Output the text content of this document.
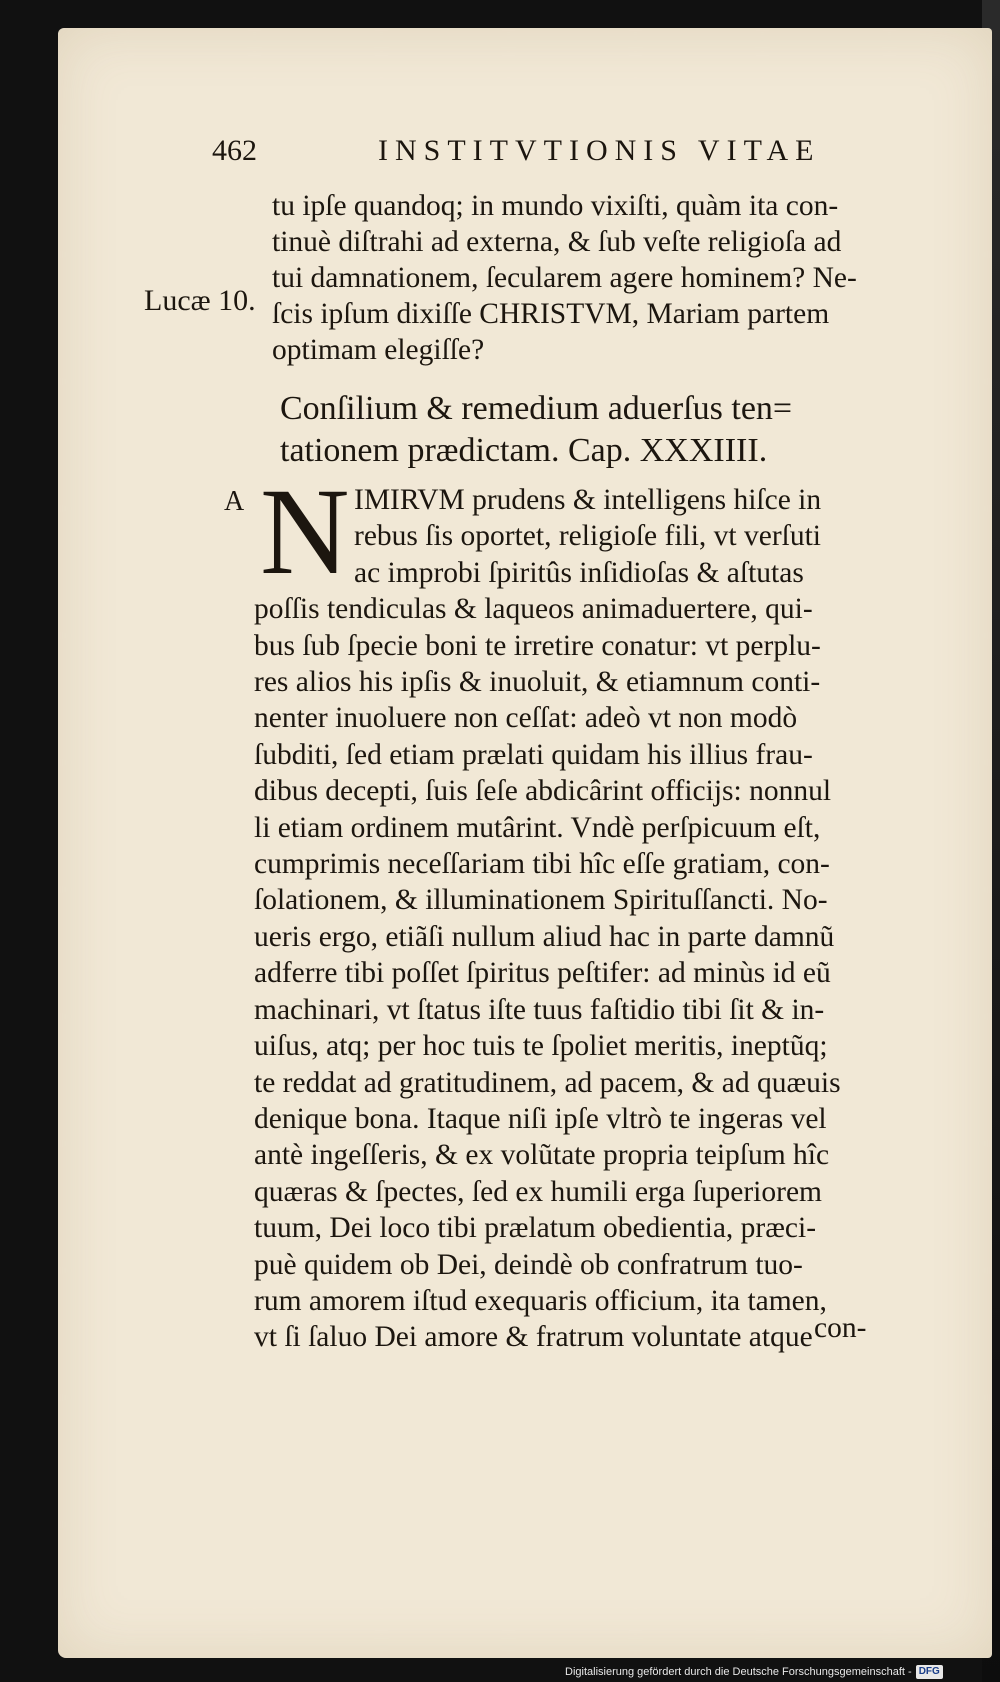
462	INSTITVTIONIS VITAE
Lucæ 10.
tu ipſe quandoq; in mundo vixiſti, quàm ita con-
tinuè diſtrahi ad externa, & ſub veſte religioſa ad
tui damnationem, ſecularem agere hominem? Ne-
ſcis ipſum dixiſſe CHRISTVM, Mariam partem
optimam elegiſſe?
Conſilium & remedium aduerſus ten=
tationem prædictam. Cap. XXXIIII.
A N IMIRVM prudens & intelligens hiſce in
rebus ſis oportet, religioſe fili, vt verſuti
ac improbi ſpiritûs inſidioſas & aſtutas
poſſis tendiculas & laqueos animaduertere, qui-
bus ſub ſpecie boni te irretire conatur: vt perplu-
res alios his ipſis & inuoluit, & etiamnum conti-
nenter inuoluere non ceſſat: adeò vt non modò
ſubditi, ſed etiam prælati quidam his illius frau-
dibus decepti, ſuis ſeſe abdicârint officijs: nonnul
li etiam ordinem mutârint. Vndè perſpicuum eſt,
cumprimis neceſſariam tibi hîc eſſe gratiam, con-
ſolationem, & illuminationem Spirituſſancti. No-
ueris ergo, etiãſi nullum aliud hac in parte damnũ
adferre tibi poſſet ſpiritus peſtifer: ad minùs id eũ
machinari, vt ſtatus iſte tuus faſtidio tibi ſit & in-
uiſus, atq; per hoc tuis te ſpoliet meritis, ineptũq;
te reddat ad gratitudinem, ad pacem, & ad quæuis
denique bona. Itaque niſi ipſe vltrò te ingeras vel
antè ingeſſeris, & ex volũtate propria teipſum hîc
quæras & ſpectes, ſed ex humili erga ſuperiorem
tuum, Dei loco tibi prælatum obedientia, præci-
puè quidem ob Dei, deindè ob confratrum tuo-
rum amorem iſtud exequaris officium, ita tamen,
vt ſi ſaluo Dei amore & fratrum voluntate atque con-
Digitalisierung gefördert durch die Deutsche Forschungsgemeinschaft - DFG
